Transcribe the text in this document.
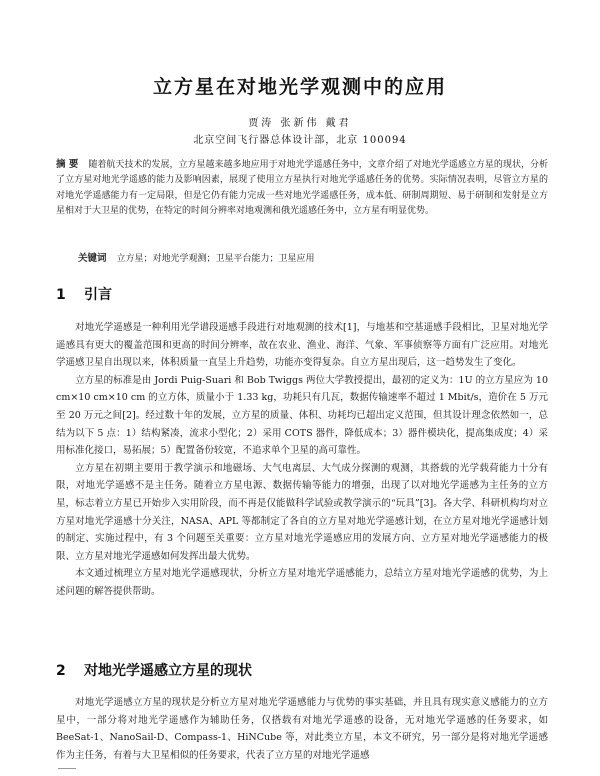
立方星在对地光学观测中的应用
贾涛 张新伟 戴君
北京空间飞行器总体设计部，北京 100094
摘 要 随着航天技术的发展，立方星越来越多地应用于对地光学遥感任务中，文章介绍了对地光学遥感立方星的现状，分析了立方星对地光学遥感的能力及影响因素，展现了使用立方星执行对地光学遥感任务的优势。实际情况表明，尽管立方星的对地光学遥感能力有一定局限，但是它仍有能力完成一些对地光学遥感任务，成本低、研制周期短、易于研制和发射是立方星相对于大卫星的优势，在特定的时间分辨率对地观测和俄光遥感任务中，立方星有明显优势。
关键词 立方星；对地光学观测；卫星平台能力；卫星应用
1 引言

对地光学遥感是一种利用光学谱段遥感手段进行对地观测的技术[1]，与地基和空基遥感手段相比，卫星对地光学遥感具有更大的覆盖范围和更高的时间分辨率，故在农业、渔业、海洋、气象、军事侦察等方面有广泛应用。对地光学遥感卫星自出现以来，体积质量一直呈上升趋势，功能亦变得复杂。自立方星出现后，这一趋势发生了变化。

立方星的标准是由 Jordi Puig-Suari 和 Bob Twiggs 两位大学教授提出，最初的定义为：1U 的立方星应为 10 cm×10 cm×10 cm 的立方体，质量小于 1.33 kg，功耗只有几瓦，数据传输速率不超过 1 Mbit/s，造价在 5 万元至 20 万元之间[2]。经过数十年的发展，立方星的质量、体积、功耗均已超出定义范围，但其设计理念依然如一，总结为以下 5 点：1）结构紧凑，流求小型化；2）采用 COTS 器件，降低成本；3）器件模块化，提高集成度；4）采用标准化接口，易拓展；5）配置备份较宽，不追求单个卫星的高可靠性。

立方星在初期主要用于教学演示和地磁场、大气电离层、大气成分探测的观测，其搭载的光学载荷能力十分有限，对地光学遥感不是主任务。随着立方星电源、数据传输等能力的增强，出现了以对地光学遥感为主任务的立方星，标志着立方星已开始步入实用阶段，而不再是仅能做科学试验或教学演示的“玩具”[3]。各大学、科研机构均对立方星对地光学遥感十分关注，NASA、APL 等都制定了各自的立方星对地光学遥感计划，在立方星对地光学遥感计划的制定、实施过程中，有 3 个问题至关重要：立方星对地光学遥感应用的发展方向、立方星对地光学遥感能力的极限、立方星对地光学遥感如何发挥出最大优势。

本文通过梳理立方星对地光学遥感现状，分析立方星对地光学遥感能力，总结立方星对地光学遥感的优势，为上述问题的解答提供帮助。

2 对地光学遥感立方星的现状

对地光学遥感立方星的现状是分析立方星对地光学遥感能力与优势的事实基础，并且具有现实意义感能力的立方星中，一部分将对地光学遥感作为辅助任务，仅搭载有对地光学遥感的设备，无对地光学遥感的任务要求，如 BeeSat-1、NanoSail-D、Compass-1、HiNCube 等，对此类立方星，本文不研究，另一部分是将对地光学遥感作为主任务，有着与大卫星相似的任务要求，代表了立方星的对地光学遥感
